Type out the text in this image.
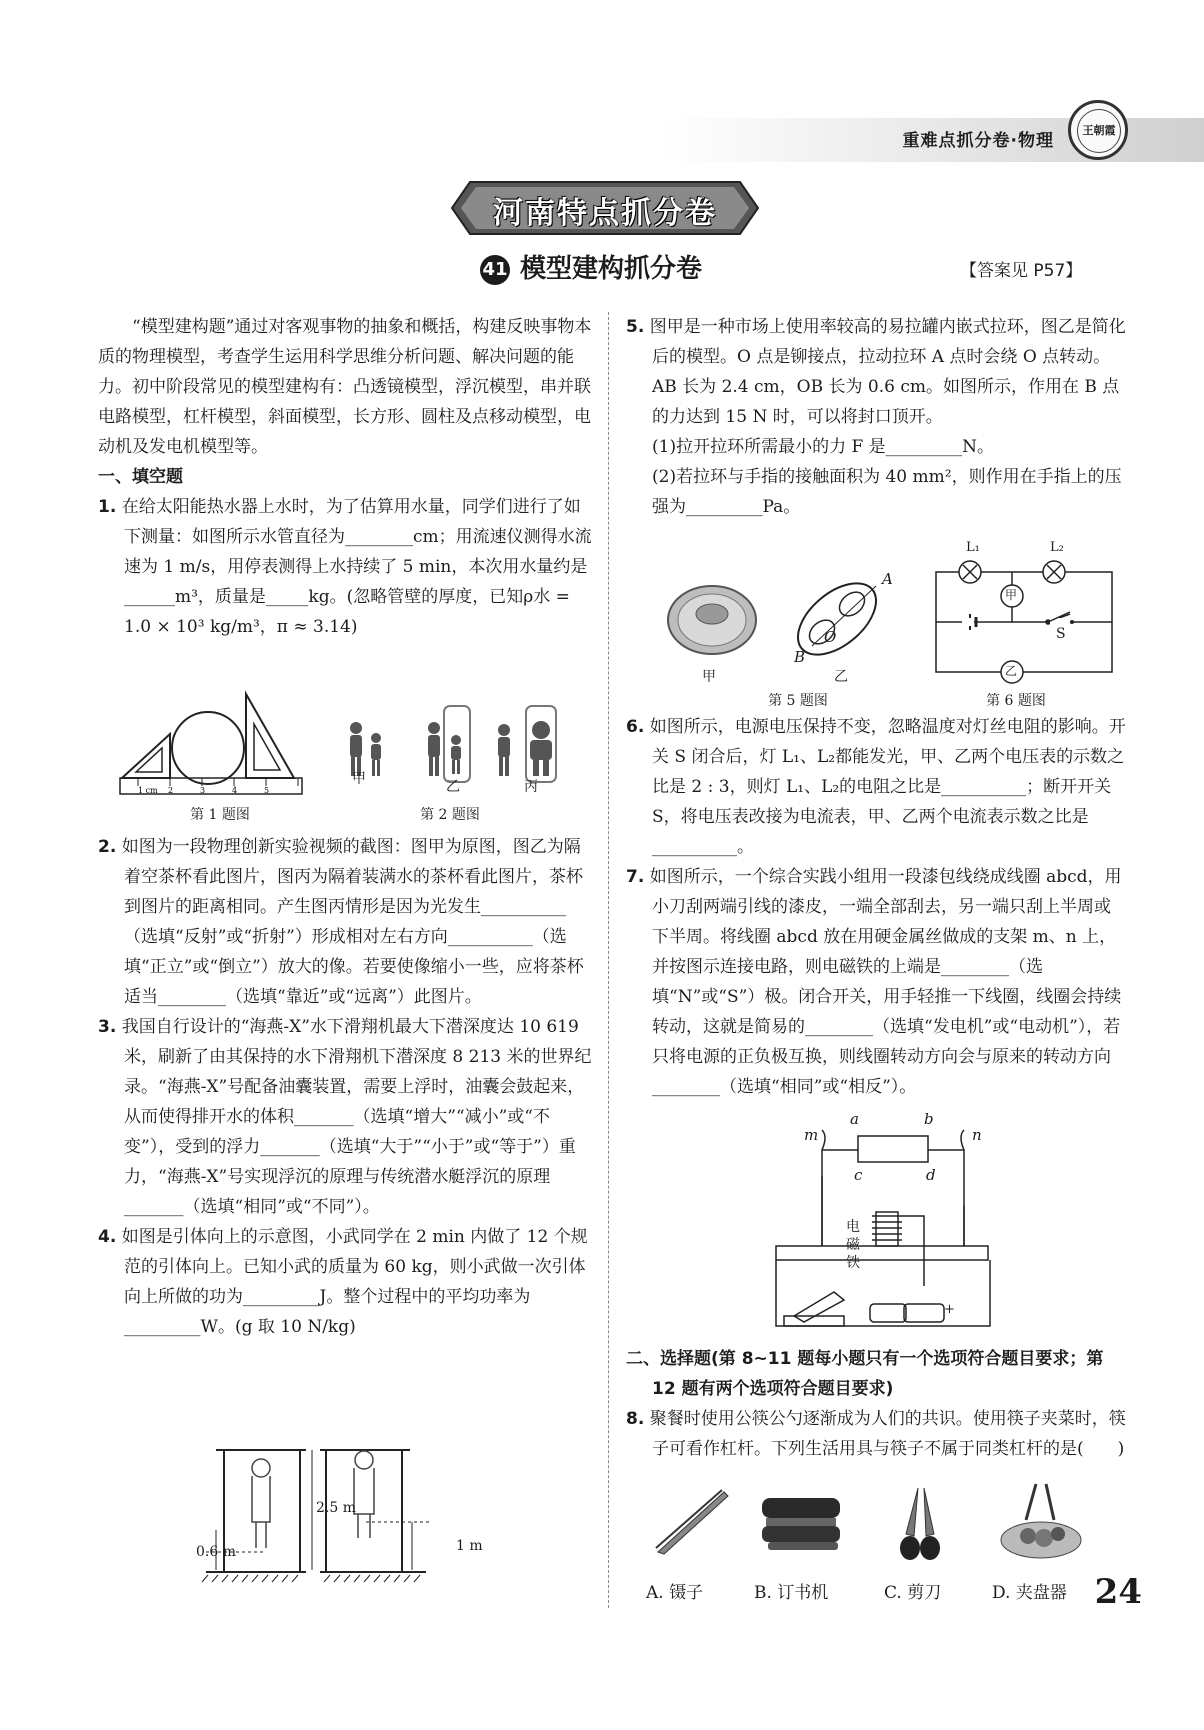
重难点抓分卷·物理
王朝霞
河南特点抓分卷
41 模型建构抓分卷	【答案见 P57】

“模型建构题”通过对客观事物的抽象和概括，构建反映事物本质的物理模型，考查学生运用科学思维分析问题、解决问题的能力。初中阶段常见的模型建构有：凸透镜模型，浮沉模型，串并联电路模型，杠杆模型，斜面模型，长方形、圆柱及点移动模型，电动机及发电机模型等。

一、填空题

1. 在给太阳能热水器上水时，为了估算用水量，同学们进行了如下测量：如图所示水管直径为________cm；用流速仪测得水流速为 1 m/s，用停表测得上水持续了 5 min，本次用水量约是______m³，质量是_____kg。(忽略管壁的厚度，已知ρ水 = 1.0 × 10³ kg/m³，π ≈ 3.14)

1 cm 2	3	4	5
第 1 题图
甲	乙	丙
第 2 题图

2. 如图为一段物理创新实验视频的截图：图甲为原图，图乙为隔着空茶杯看此图片，图丙为隔着装满水的茶杯看此图片，茶杯到图片的距离相同。产生图丙情形是因为光发生__________（选填“反射”或“折射”）形成相对左右方向__________（选填“正立”或“倒立”）放大的像。若要使像缩小一些，应将茶杯适当________（选填“靠近”或“远离”）此图片。

3. 我国自行设计的“海燕-X”水下滑翔机最大下潜深度达 10 619 米，刷新了由其保持的水下滑翔机下潜深度 8 213 米的世界纪录。“海燕-X”号配备油囊装置，需要上浮时，油囊会鼓起来，从而使得排开水的体积_______（选填“增大”“减小”或“不变”），受到的浮力_______（选填“大于”“小于”或“等于”）重力，“海燕-X”号实现浮沉的原理与传统潜水艇浮沉的原理_______（选填“相同”或“不同”）。

4. 如图是引体向上的示意图，小武同学在 2 min 内做了 12 个规范的引体向上。已知小武的质量为 60 kg，则小武做一次引体向上所做的功为_________J。整个过程中的平均功率为_________W。(g 取 10 N/kg)

2.5 m
0.6 m	1 m

5. 图甲是一种市场上使用率较高的易拉罐内嵌式拉环，图乙是简化后的模型。O 点是铆接点，拉动拉环 A 点时会绕 O 点转动。AB 长为 2.4 cm，OB 长为 0.6 cm。如图所示，作用在 B 点的力达到 15 N 时，可以将封口顶开。

(1)拉开拉环所需最小的力 F 是_________N。

(2)若拉环与手指的接触面积为 40 mm²，则作用在手指上的压强为_________Pa。

A
B
O
甲	乙
第 5 题图
L₁	L₂
甲
S
乙
第 6 题图

6. 如图所示，电源电压保持不变，忽略温度对灯丝电阻的影响。开关 S 闭合后，灯 L₁、L₂都能发光，甲、乙两个电压表的示数之比是 2 : 3，则灯 L₁、L₂的电阻之比是__________；断开开关 S，将电压表改接为电流表，甲、乙两个电流表示数之比是__________。

7. 如图所示，一个综合实践小组用一段漆包线绕成线圈 abcd，用小刀刮两端引线的漆皮，一端全部刮去，另一端只刮上半周或下半周。将线圈 abcd 放在用硬金属丝做成的支架 m、n 上，并按图示连接电路，则电磁铁的上端是________（选填“N”或“S”）极。闭合开关，用手轻推一下线圈，线圈会持续转动，这就是简易的________（选填“发电机”或“电动机”），若只将电源的正负极互换，则线圈转动方向会与原来的转动方向________（选填“相同”或“相反”）。

a	b
c	d
m	n
电磁铁
+

二、选择题(第 8~11 题每小题只有一个选项符合题目要求；第 12 题有两个选项符合题目要求)

8. 聚餐时使用公筷公勺逐渐成为人们的共识。使用筷子夹菜时，筷子可看作杠杆。下列生活用具与筷子不属于同类杠杆的是(　　)

A. 镊子	B. 订书机	C. 剪刀	D. 夹盘器 24
